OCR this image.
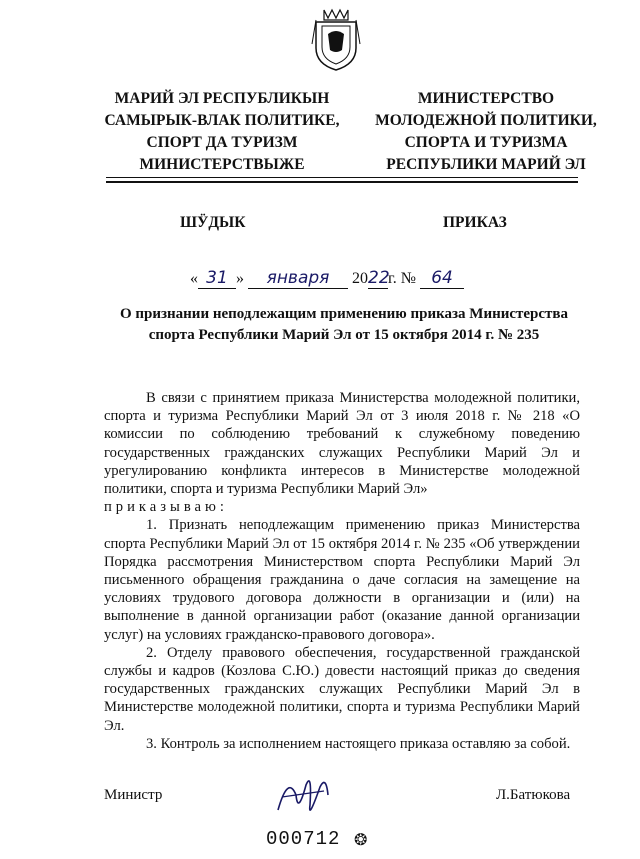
МАРИЙ ЭЛ РЕСПУБЛИКЫН
САМЫРЫК-ВЛАК ПОЛИТИКЕ,
СПОРТ ДА ТУРИЗМ
МИНИСТЕРСТВЫЖЕ
МИНИСТЕРСТВО
МОЛОДЕЖНОЙ ПОЛИТИКИ,
СПОРТА И ТУРИЗМА
РЕСПУБЛИКИ МАРИЙ ЭЛ
ШӰДЫК	ПРИКАЗ
« 31 » января 2022г. № 64
О признании неподлежащим применению приказа Министерства спорта Республики Марий Эл от 15 октября 2014 г. № 235

В связи с принятием приказа Министерства молодежной политики, спорта и туризма Республики Марий Эл от 3 июля 2018 г. № 218 «О комиссии по соблюдению требований к служебному поведению государственных гражданских служащих Республики Марий Эл и урегулированию конфликта интересов в Министерстве молодежной политики, спорта и туризма Республики Марий Эл»

приказываю:

1. Признать неподлежащим применению приказ Министерства спорта Республики Марий Эл от 15 октября 2014 г. № 235 «Об утверждении Порядка рассмотрения Министерством спорта Республики Марий Эл письменного обращения гражданина о даче согласия на замещение на условиях трудового договора должности в организации и (или) на выполнение в данной организации работ (оказание данной организации услуг) на условиях гражданско-правового договора».

2. Отделу правового обеспечения, государственной гражданской службы и кадров (Козлова С.Ю.) довести настоящий приказ до сведения государственных гражданских служащих Республики Марий Эл в Министерстве молодежной политики, спорта и туризма Республики Марий Эл.

3. Контроль за исполнением настоящего приказа оставляю за собой.

Министр	Л.Батюкова
000712 ❂
